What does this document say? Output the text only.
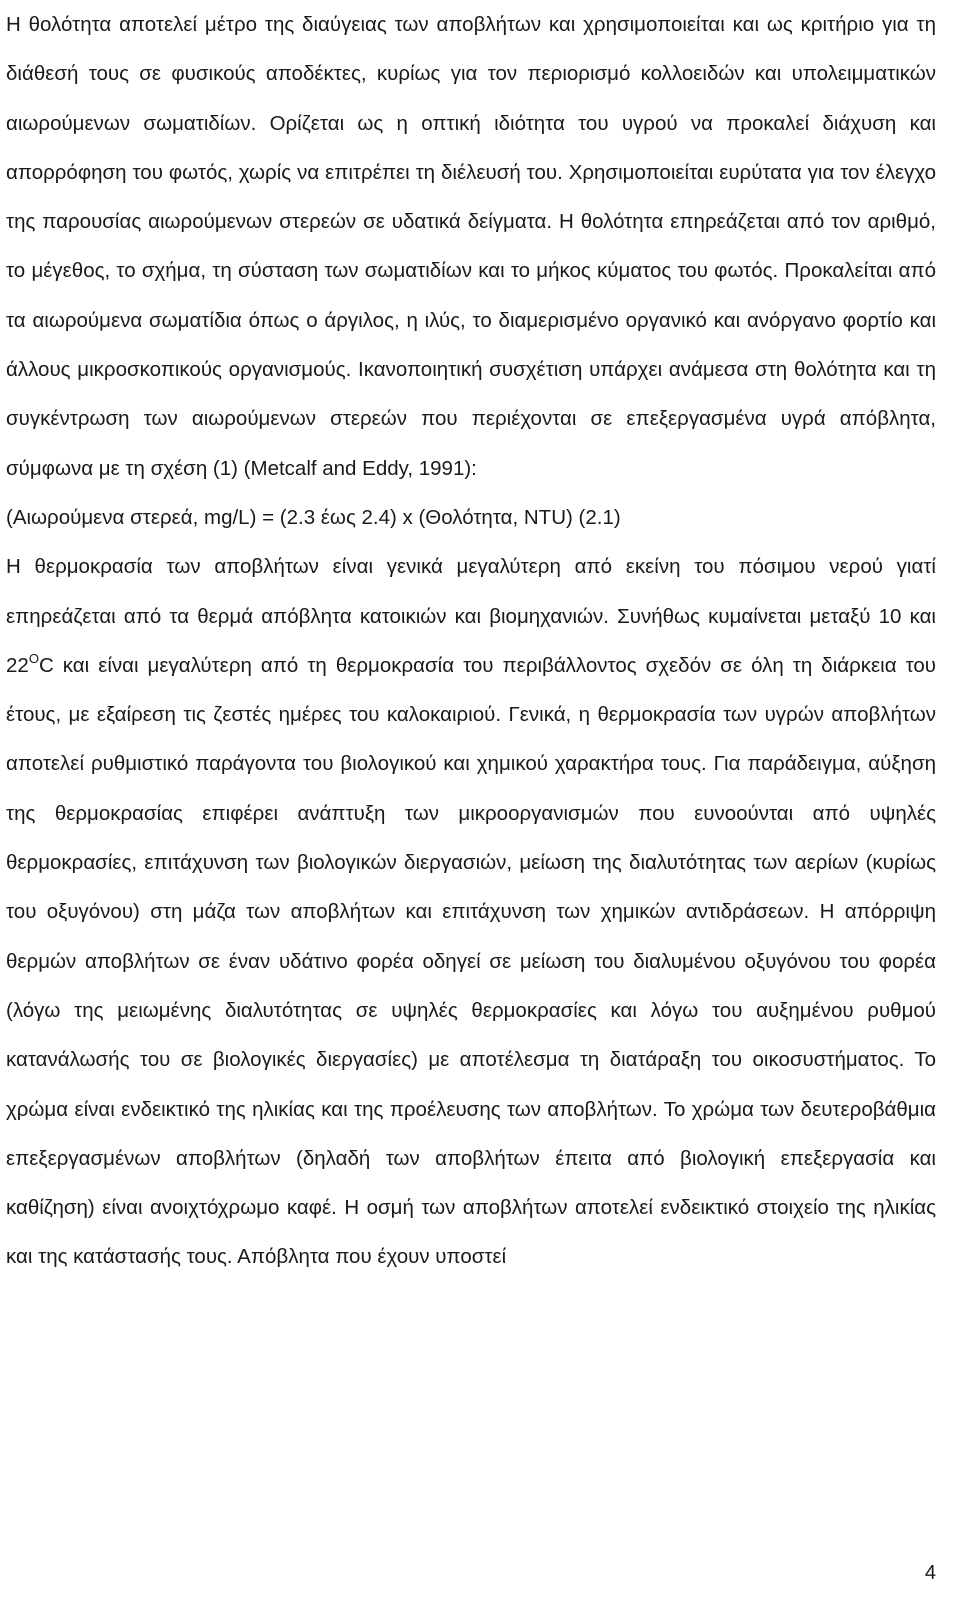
Η θολότητα αποτελεί μέτρο της διαύγειας των αποβλήτων και χρησιμοποιείται και ως κριτήριο για τη διάθεσή τους σε φυσικούς αποδέκτες, κυρίως για τον περιορισμό κολλοειδών και υπολειμματικών αιωρούμενων σωματιδίων. Ορίζεται ως η οπτική ιδιότητα του υγρού να προκαλεί διάχυση και απορρόφηση του φωτός, χωρίς να επιτρέπει τη διέλευσή του. Χρησιμοποιείται ευρύτατα για τον έλεγχο της παρουσίας αιωρούμενων στερεών σε υδατικά δείγματα. Η θολότητα επηρεάζεται από τον αριθμό, το μέγεθος, το σχήμα, τη σύσταση των σωματιδίων και το μήκος κύματος του φωτός. Προκαλείται από τα αιωρούμενα σωματίδια όπως ο άργιλος, η ιλύς, το διαμερισμένο οργανικό και ανόργανο φορτίο και άλλους μικροσκοπικούς οργανισμούς. Ικανοποιητική συσχέτιση υπάρχει ανάμεσα στη θολότητα και τη συγκέντρωση των αιωρούμενων στερεών που περιέχονται σε επεξεργασμένα υγρά απόβλητα, σύμφωνα με τη σχέση (1) (Metcalf and Eddy, 1991):

(Αιωρούμενα στερεά, mg/L) = (2.3 έως 2.4) x (Θολότητα, NTU) (2.1)

Η θερμοκρασία των αποβλήτων είναι γενικά μεγαλύτερη από εκείνη του πόσιμου νερού γιατί επηρεάζεται από τα θερμά απόβλητα κατοικιών και βιομηχανιών. Συνήθως κυμαίνεται μεταξύ 10 και $22^OC$ και είναι μεγαλύτερη από τη θερμοκρασία του περιβάλλοντος σχεδόν σε όλη τη διάρκεια του έτους, με εξαίρεση τις ζεστές ημέρες του καλοκαιριού. Γενικά, η θερμοκρασία των υγρών αποβλήτων αποτελεί ρυθμιστικό παράγοντα του βιολογικού και χημικού χαρακτήρα τους. Για παράδειγμα, αύξηση της θερμοκρασίας επιφέρει ανάπτυξη των μικροοργανισμών που ευνοούνται από υψηλές θερμοκρασίες, επιτάχυνση των βιολογικών διεργασιών, μείωση της διαλυτότητας των αερίων (κυρίως του οξυγόνου) στη μάζα των αποβλήτων και επιτάχυνση των χημικών αντιδράσεων. Η απόρριψη θερμών αποβλήτων σε έναν υδάτινο φορέα οδηγεί σε μείωση του διαλυμένου οξυγόνου του φορέα (λόγω της μειωμένης διαλυτότητας σε υψηλές θερμοκρασίες και λόγω του αυξημένου ρυθμού κατανάλωσής του σε βιολογικές διεργασίες) με αποτέλεσμα τη διατάραξη του οικοσυστήματος. Το χρώμα είναι ενδεικτικό της ηλικίας και της προέλευσης των αποβλήτων. Το χρώμα των δευτεροβάθμια επεξεργασμένων αποβλήτων (δηλαδή των αποβλήτων έπειτα από βιολογική επεξεργασία και καθίζηση) είναι ανοιχτόχρωμο καφέ. Η οσμή των αποβλήτων αποτελεί ενδεικτικό στοιχείο της ηλικίας και της κατάστασής τους. Απόβλητα που έχουν υποστεί

4
